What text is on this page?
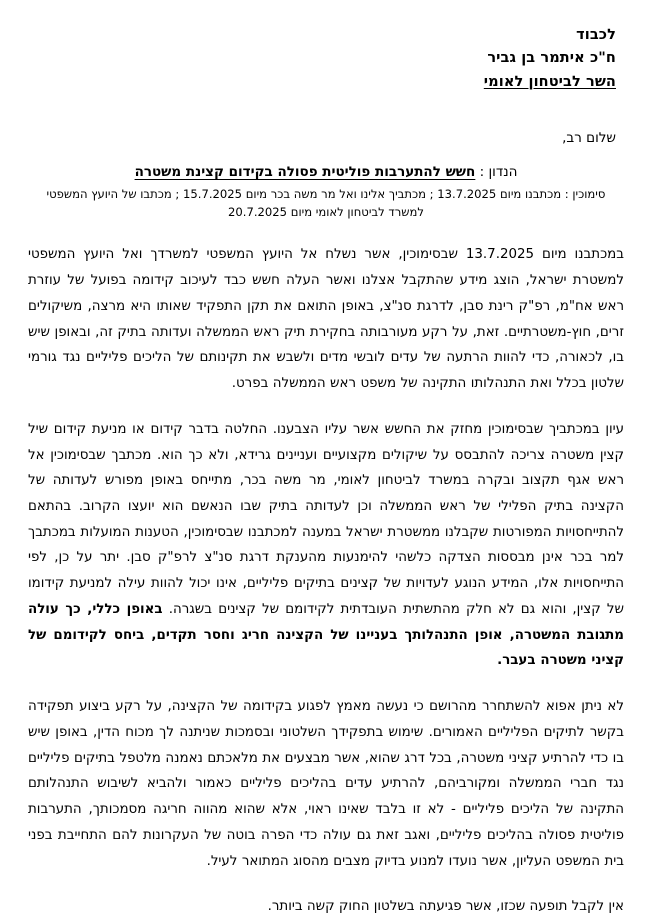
לכבוד
ח"כ איתמר בן גביר
השר לביטחון לאומי
שלום רב,
הנדון : חשש להתערבות פוליטית פסולה בקידום קצינת משטרה
סימוכין : מכתבנו מיום 13.7.2025 ; מכתביך אלינו ואל מר משה בכר מיום 15.7.2025 ; מכתבו של היועץ המשפטי
למשרד לביטחון לאומי מיום 20.7.2025

במכתבנו מיום 13.7.2025 שבסימוכין, אשר נשלח אל היועץ המשפטי למשרדך ואל היועץ המשפטי למשטרת ישראל, הוצג מידע שהתקבל אצלנו ואשר העלה חשש כבד לעיכוב קידומה בפועל של עוזרת ראש אח"מ, רפ"ק רינת סבן, לדרגת סנ"צ, באופן התואם את תקן התפקיד שאותו היא מרצה, משיקולים זרים, חוץ-משטרתיים. זאת, על רקע מעורבותה בחקירת תיק ראש הממשלה ועדותה בתיק זה, ובאופן שיש בו, לכאורה, כדי להוות הרתעה של עדים לובשי מדים ולשבש את תקינותם של הליכים פליליים נגד גורמי שלטון בכלל ואת התנהלותו התקינה של משפט ראש הממשלה בפרט.

עיון במכתביך שבסימוכין מחזק את החשש אשר עליו הצבענו. החלטה בדבר קידום או מניעת קידום שיל קצין משטרה צריכה להתבסס על שיקולים מקצועיים ועניינים גרידא, ולא כך הוא. מכתבך שבסימוכין אל ראש אגף תקצוב ובקרה במשרד לביטחון לאומי, מר משה בכר, מתייחס באופן מפורש לעדותה של הקצינה בתיק הפלילי של ראש הממשלה וכן לעדותה בתיק שבו הנאשם הוא יועצו הקרוב. בהתאם להתייחסויות המפורטות שקבלנו ממשטרת ישראל במענה למכתבנו שבסימוכין, הטענות המועלות במכתבך למר בכר אינן מבססות הצדקה כלשהי להימנעות מהענקת דרגת סנ"צ לרפ"ק סבן. יתר על כן, לפי התייחסויות אלו, המידע הנוגע לעדויות של קצינים בתיקים פליליים, אינו יכול להוות עילה למניעת קידומו של קצין, והוא גם לא חלק מהתשתית העובדתית לקידומם של קצינים בשגרה. באופן כללי, כך עולה מתגובת המשטרה, אופן התנהלותך בעניינו של הקצינה חריג וחסר תקדים, ביחס לקידומם של קציני משטרה בעבר.

לא ניתן אפוא להשתחרר מהרושם כי נעשה מאמץ לפגוע בקידומה של הקצינה, על רקע ביצוע תפקידה בקשר לתיקים הפליליים האמורים. שימוש בתפקידך השלטוני ובסמכות שניתנה לך מכוח הדין, באופן שיש בו כדי להרתיע קציני משטרה, בכל דרג שהוא, אשר מבצעים את מלאכתם נאמנה מלטפל בתיקים פליליים נגד חברי הממשלה ומקורביהם, להרתיע עדים בהליכים פליליים כאמור ולהביא לשיבוש התנהלותם התקינה של הליכים פליליים - לא זו בלבד שאינו ראוי, אלא שהוא מהווה חריגה מסמכותך, התערבות פוליטית פסולה בהליכים פליליים, ואגב זאת גם עולה כדי הפרה בוטה של העקרונות להם התחייבת בפני בית המשפט העליון, אשר נועדו למנוע בדיוק מצבים מהסוג המתואר לעיל.

אין לקבל תופעה שכזו, אשר פגיעתה בשלטון החוק קשה ביותר.
